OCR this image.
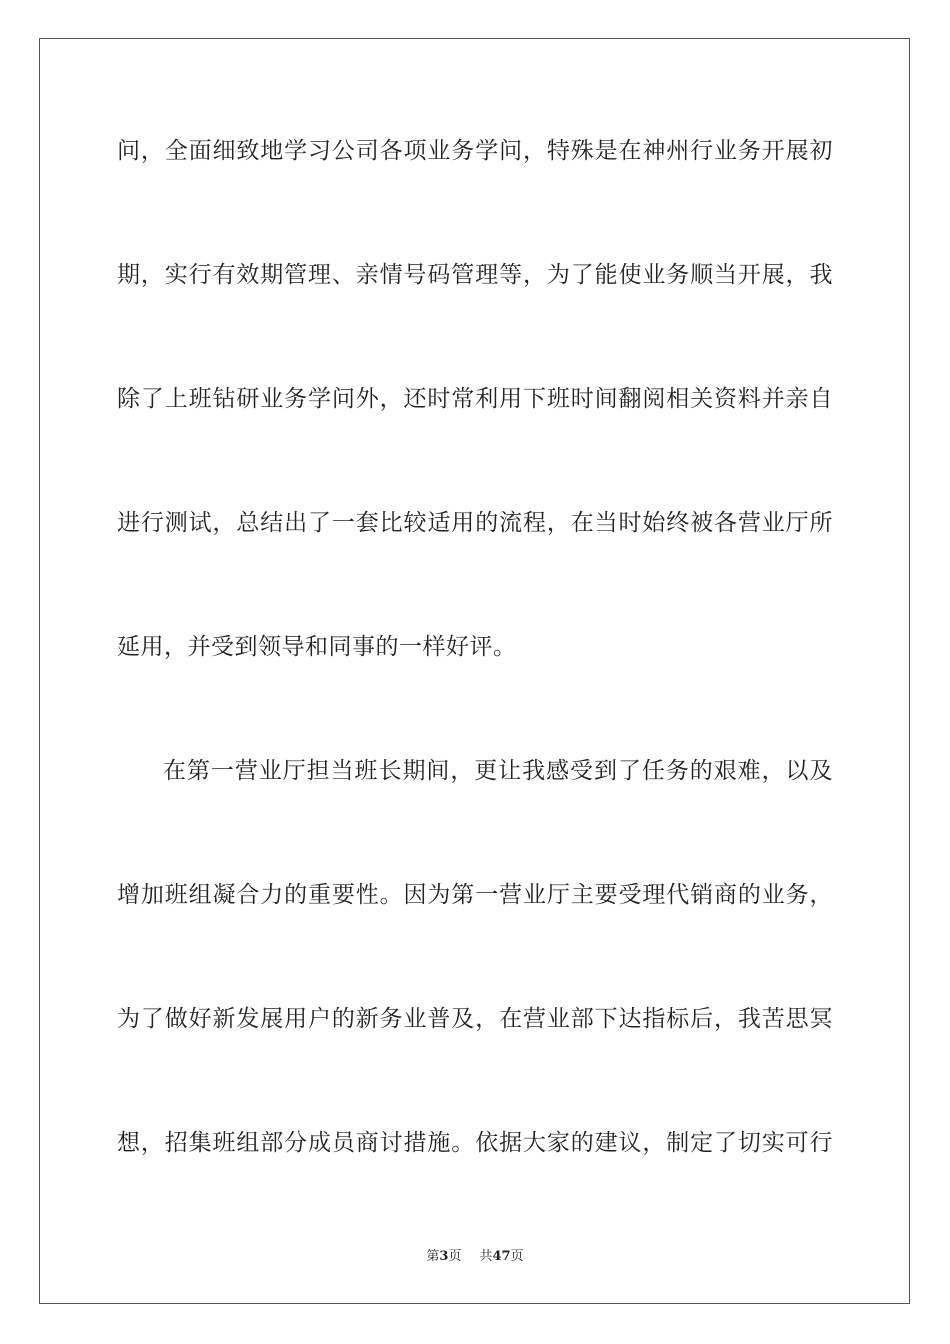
问，全面细致地学习公司各项业务学问，特殊是在神州行业务开展初
期，实行有效期管理、亲情号码管理等，为了能使业务顺当开展，我
除了上班钻研业务学问外，还时常利用下班时间翻阅相关资料并亲自
进行测试，总结出了一套比较适用的流程，在当时始终被各营业厅所
延用，并受到领导和同事的一样好评。
在第一营业厅担当班长期间，更让我感受到了任务的艰难，以及
增加班组凝合力的重要性。因为第一营业厅主要受理代销商的业务，
为了做好新发展用户的新务业普及，在营业部下达指标后，我苦思冥
想，招集班组部分成员商讨措施。依据大家的建议，制定了切实可行
第3页 共47页
